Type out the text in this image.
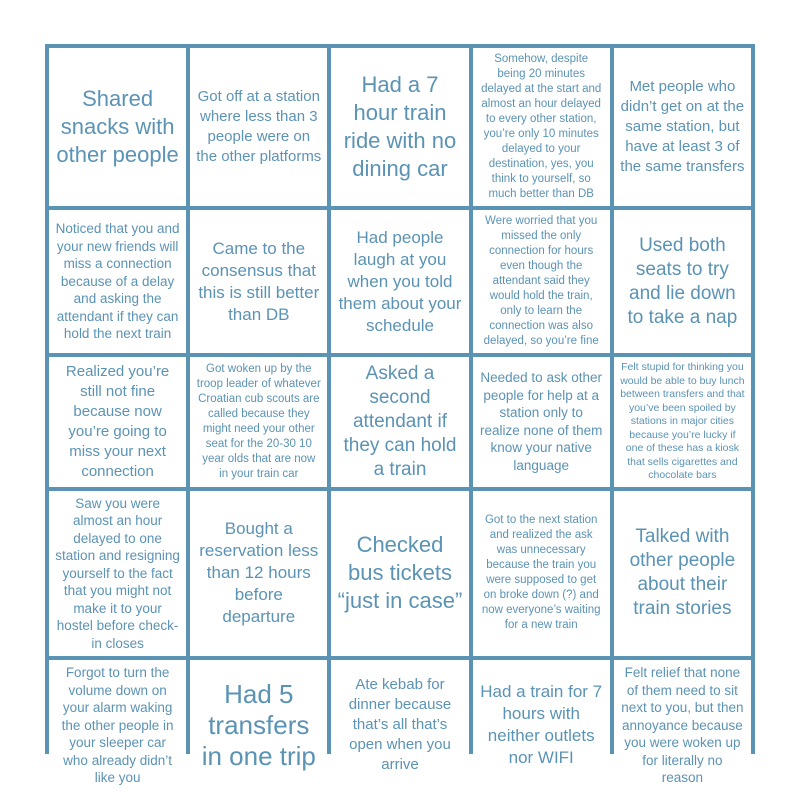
Shared snacks with other people
Got off at a station where less than 3 people were on the other platforms
Had a 7 hour train ride with no dining car
Somehow, despite being 20 minutes delayed at the start and almost an hour delayed to every other station, you’re only 10 minutes delayed to your destination, yes, you think to yourself, so much better than DB
Met people who didn’t get on at the same station, but have at least 3 of the same transfers
Noticed that you and your new friends will miss a connection because of a delay and asking the attendant if they can hold the next train
Came to the consensus that this is still better than DB
Had people laugh at you when you told them about your schedule
Were worried that you missed the only connection for hours even though the attendant said they would hold the train, only to learn the connection was also delayed, so you’re fine
Used both seats to try and lie down to take a nap
Realized you’re still not fine because now you’re going to miss your next connection
Got woken up by the troop leader of whatever Croatian cub scouts are called because they might need your other seat for the 20-30 10 year olds that are now in your train car
Asked a second attendant if they can hold a train
Needed to ask other people for help at a station only to realize none of them know your native language
Felt stupid for thinking you would be able to buy lunch between transfers and that you’ve been spoiled by stations in major cities because you’re lucky if one of these has a kiosk that sells cigarettes and chocolate bars
Saw you were almost an hour delayed to one station and resigning yourself to the fact that you might not make it to your hostel before check-in closes
Bought a reservation less than 12 hours before departure
Checked bus tickets “just in case”
Got to the next station and realized the ask was unnecessary because the train you were supposed to get on broke down (?) and now everyone’s waiting for a new train
Talked with other people about their train stories
Forgot to turn the volume down on your alarm waking the other people in your sleeper car who already didn’t like you
Had 5 transfers in one trip
Ate kebab for dinner because that’s all that’s open when you arrive
Had a train for 7 hours with neither outlets nor WIFI
Felt relief that none of them need to sit next to you, but then annoyance because you were woken up for literally no reason
